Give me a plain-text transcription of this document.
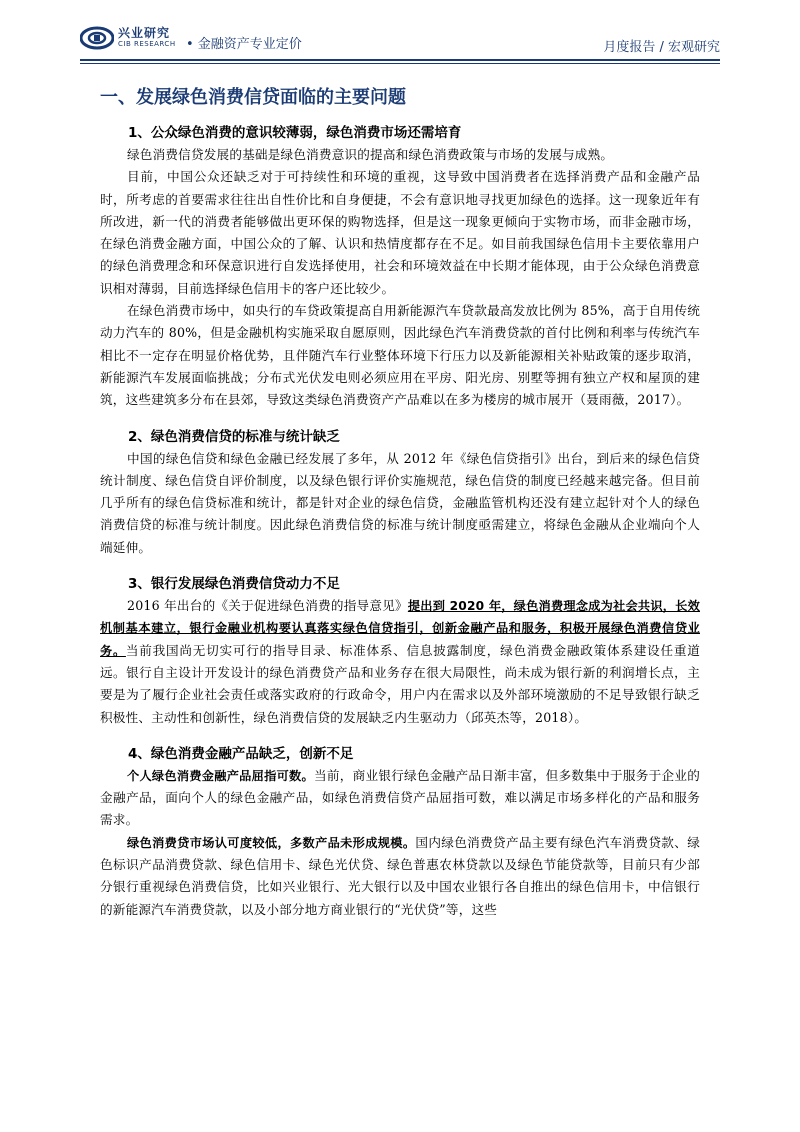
兴业研究
CIB RESEARCH • 金融资产专业定价	月度报告 / 宏观研究
一、发展绿色消费信贷面临的主要问题
1、公众绿色消费的意识较薄弱，绿色消费市场还需培育

绿色消费信贷发展的基础是绿色消费意识的提高和绿色消费政策与市场的发展与成熟。

目前，中国公众还缺乏对于可持续性和环境的重视，这导致中国消费者在选择消费产品和金融产品时，所考虑的首要需求往往出自性价比和自身便捷，不会有意识地寻找更加绿色的选择。这一现象近年有所改进，新一代的消费者能够做出更环保的购物选择，但是这一现象更倾向于实物市场，而非金融市场，在绿色消费金融方面，中国公众的了解、认识和热情度都存在不足。如目前我国绿色信用卡主要依靠用户的绿色消费理念和环保意识进行自发选择使用，社会和环境效益在中长期才能体现，由于公众绿色消费意识相对薄弱，目前选择绿色信用卡的客户还比较少。

在绿色消费市场中，如央行的车贷政策提高自用新能源汽车贷款最高发放比例为 85%，高于自用传统动力汽车的 80%，但是金融机构实施采取自愿原则，因此绿色汽车消费贷款的首付比例和利率与传统汽车相比不一定存在明显价格优势，且伴随汽车行业整体环境下行压力以及新能源相关补贴政策的逐步取消，新能源汽车发展面临挑战；分布式光伏发电则必须应用在平房、阳光房、别墅等拥有独立产权和屋顶的建筑，这些建筑多分布在县郊，导致这类绿色消费资产产品难以在多为楼房的城市展开（聂雨薇，2017）。

2、绿色消费信贷的标准与统计缺乏

中国的绿色信贷和绿色金融已经发展了多年，从 2012 年《绿色信贷指引》出台，到后来的绿色信贷统计制度、绿色信贷自评价制度，以及绿色银行评价实施规范，绿色信贷的制度已经越来越完备。但目前几乎所有的绿色信贷标准和统计，都是针对企业的绿色信贷，金融监管机构还没有建立起针对个人的绿色消费信贷的标准与统计制度。因此绿色消费信贷的标准与统计制度亟需建立，将绿色金融从企业端向个人端延伸。

3、银行发展绿色消费信贷动力不足

2016 年出台的《关于促进绿色消费的指导意见》提出到 2020 年，绿色消费理念成为社会共识，长效机制基本建立，银行金融业机构要认真落实绿色信贷指引，创新金融产品和服务，积极开展绿色消费信贷业务。当前我国尚无切实可行的指导目录、标准体系、信息披露制度，绿色消费金融政策体系建设任重道远。银行自主设计开发设计的绿色消费贷产品和业务存在很大局限性，尚未成为银行新的利润增长点，主要是为了履行企业社会责任或落实政府的行政命令，用户内在需求以及外部环境激励的不足导致银行缺乏积极性、主动性和创新性，绿色消费信贷的发展缺乏内生驱动力（邱英杰等，2018）。

4、绿色消费金融产品缺乏，创新不足

个人绿色消费金融产品屈指可数。当前，商业银行绿色金融产品日渐丰富，但多数集中于服务于企业的金融产品，面向个人的绿色金融产品，如绿色消费信贷产品屈指可数，难以满足市场多样化的产品和服务需求。

绿色消费贷市场认可度较低，多数产品未形成规模。国内绿色消费贷产品主要有绿色汽车消费贷款、绿色标识产品消费贷款、绿色信用卡、绿色光伏贷、绿色普惠农林贷款以及绿色节能贷款等，目前只有少部分银行重视绿色消费信贷，比如兴业银行、光大银行以及中国农业银行各自推出的绿色信用卡，中信银行的新能源汽车消费贷款，以及小部分地方商业银行的“光伏贷”等，这些
